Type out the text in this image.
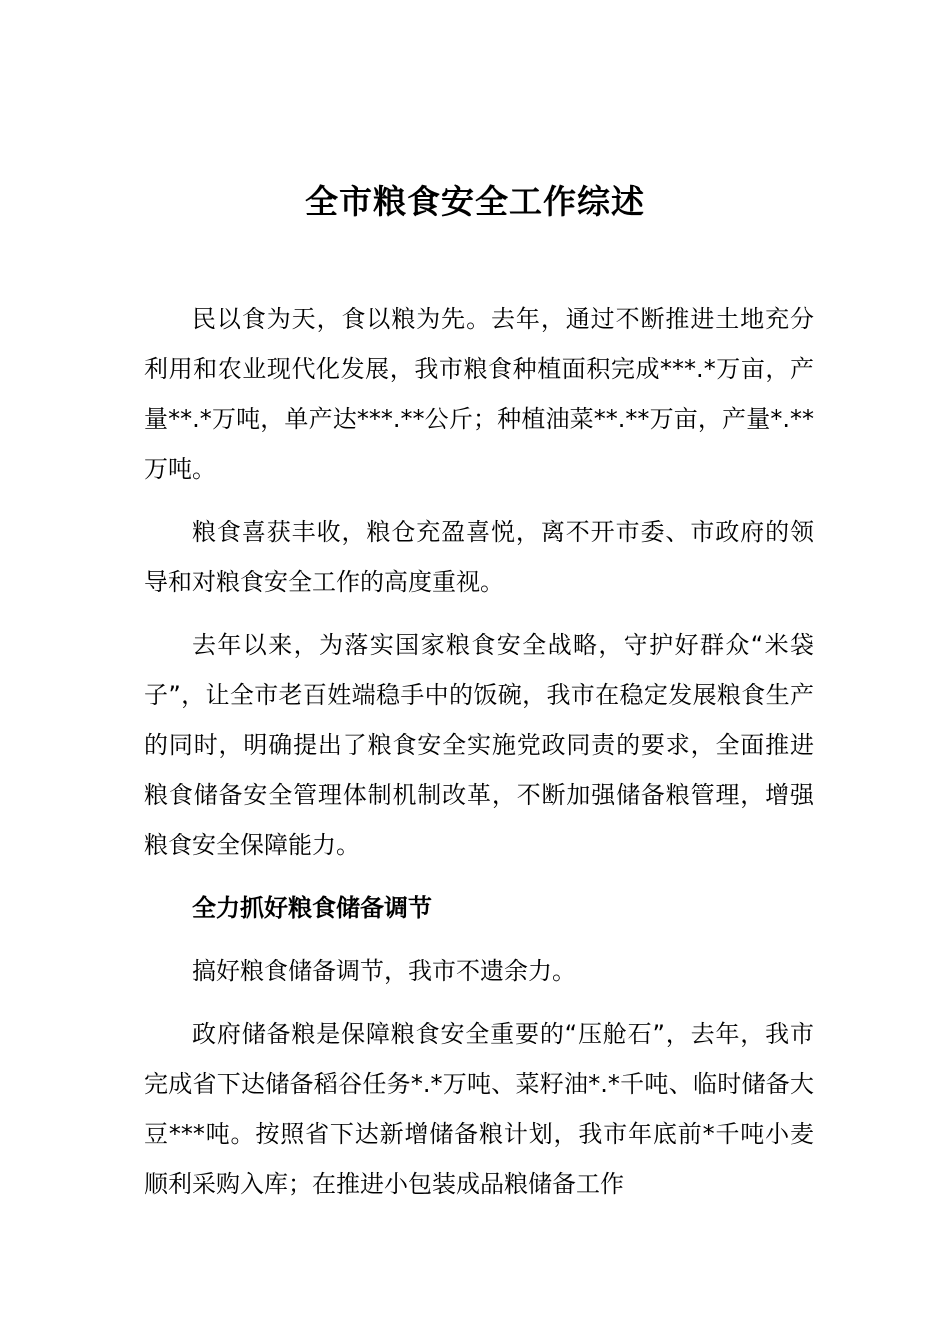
全市粮食安全工作综述

民以食为天，食以粮为先。去年，通过不断推进土地充分利用和农业现代化发展，我市粮食种植面积完成***.*万亩，产量**.*万吨，单产达***.**公斤；种植油菜**.**万亩，产量*.**万吨。

粮食喜获丰收，粮仓充盈喜悦，离不开市委、市政府的领导和对粮食安全工作的高度重视。

去年以来，为落实国家粮食安全战略，守护好群众“米袋子”，让全市老百姓端稳手中的饭碗，我市在稳定发展粮食生产的同时，明确提出了粮食安全实施党政同责的要求，全面推进粮食储备安全管理体制机制改革，不断加强储备粮管理，增强粮食安全保障能力。

全力抓好粮食储备调节

搞好粮食储备调节，我市不遗余力。

政府储备粮是保障粮食安全重要的“压舱石”，去年，我市完成省下达储备稻谷任务*.*万吨、菜籽油*.*千吨、临时储备大豆***吨。按照省下达新增储备粮计划，我市年底前*千吨小麦顺利采购入库；在推进小包装成品粮储备工作
